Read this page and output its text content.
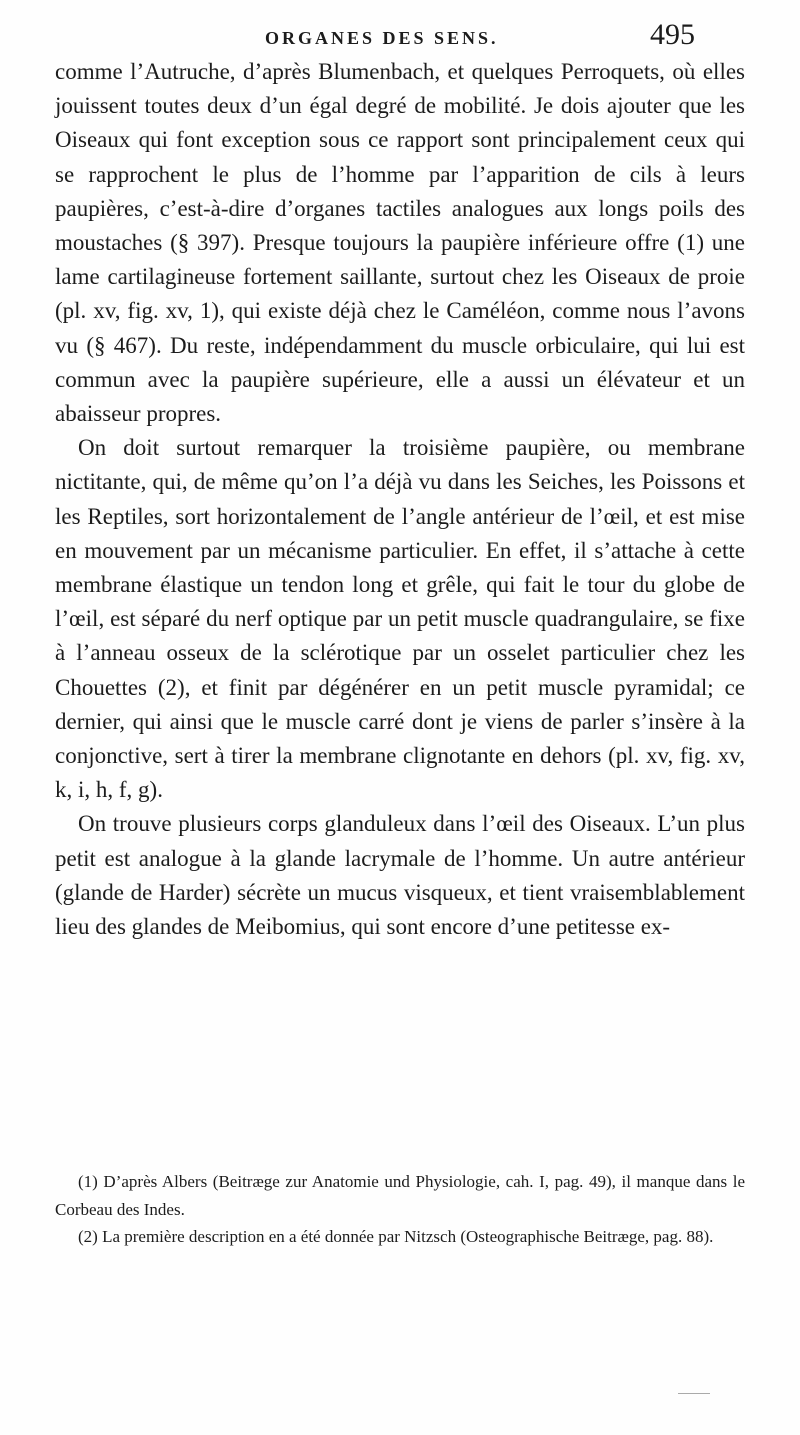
ORGANES DES SENS.	495

comme l’Autruche, d’après Blumenbach, et quelques Perroquets, où elles jouissent toutes deux d’un égal degré de mobilité. Je dois ajouter que les Oiseaux qui font exception sous ce rapport sont principalement ceux qui se rapprochent le plus de l’homme par l’apparition de cils à leurs paupières, c’est-à-dire d’organes tactiles analogues aux longs poils des moustaches (§ 397). Presque toujours la paupière inférieure offre (1) une lame cartilagineuse fortement saillante, surtout chez les Oiseaux de proie (pl. xv, fig. xv, 1), qui existe déjà chez le Caméléon, comme nous l’avons vu (§ 467). Du reste, indépendamment du muscle orbiculaire, qui lui est commun avec la paupière supérieure, elle a aussi un élévateur et un abaisseur propres.

On doit surtout remarquer la troisième paupière, ou membrane nictitante, qui, de même qu’on l’a déjà vu dans les Seiches, les Poissons et les Reptiles, sort horizontalement de l’angle antérieur de l’œil, et est mise en mouvement par un mécanisme particulier. En effet, il s’attache à cette membrane élastique un tendon long et grêle, qui fait le tour du globe de l’œil, est séparé du nerf optique par un petit muscle quadrangulaire, se fixe à l’anneau osseux de la sclérotique par un osselet particulier chez les Chouettes (2), et finit par dégénérer en un petit muscle pyramidal; ce dernier, qui ainsi que le muscle carré dont je viens de parler s’insère à la conjonctive, sert à tirer la membrane clignotante en dehors (pl. xv, fig. xv, k, i, h, f, g).

On trouve plusieurs corps glanduleux dans l’œil des Oiseaux. L’un plus petit est analogue à la glande lacrymale de l’homme. Un autre antérieur (glande de Harder) sécrète un mucus visqueux, et tient vraisemblablement lieu des glandes de Meibomius, qui sont encore d’une petitesse ex-

(1) D’après Albers (Beitræge zur Anatomie und Physiologie, cah. I, pag. 49), il manque dans le Corbeau des Indes.

(2) La première description en a été donnée par Nitzsch (Osteographische Beitræge, pag. 88).
